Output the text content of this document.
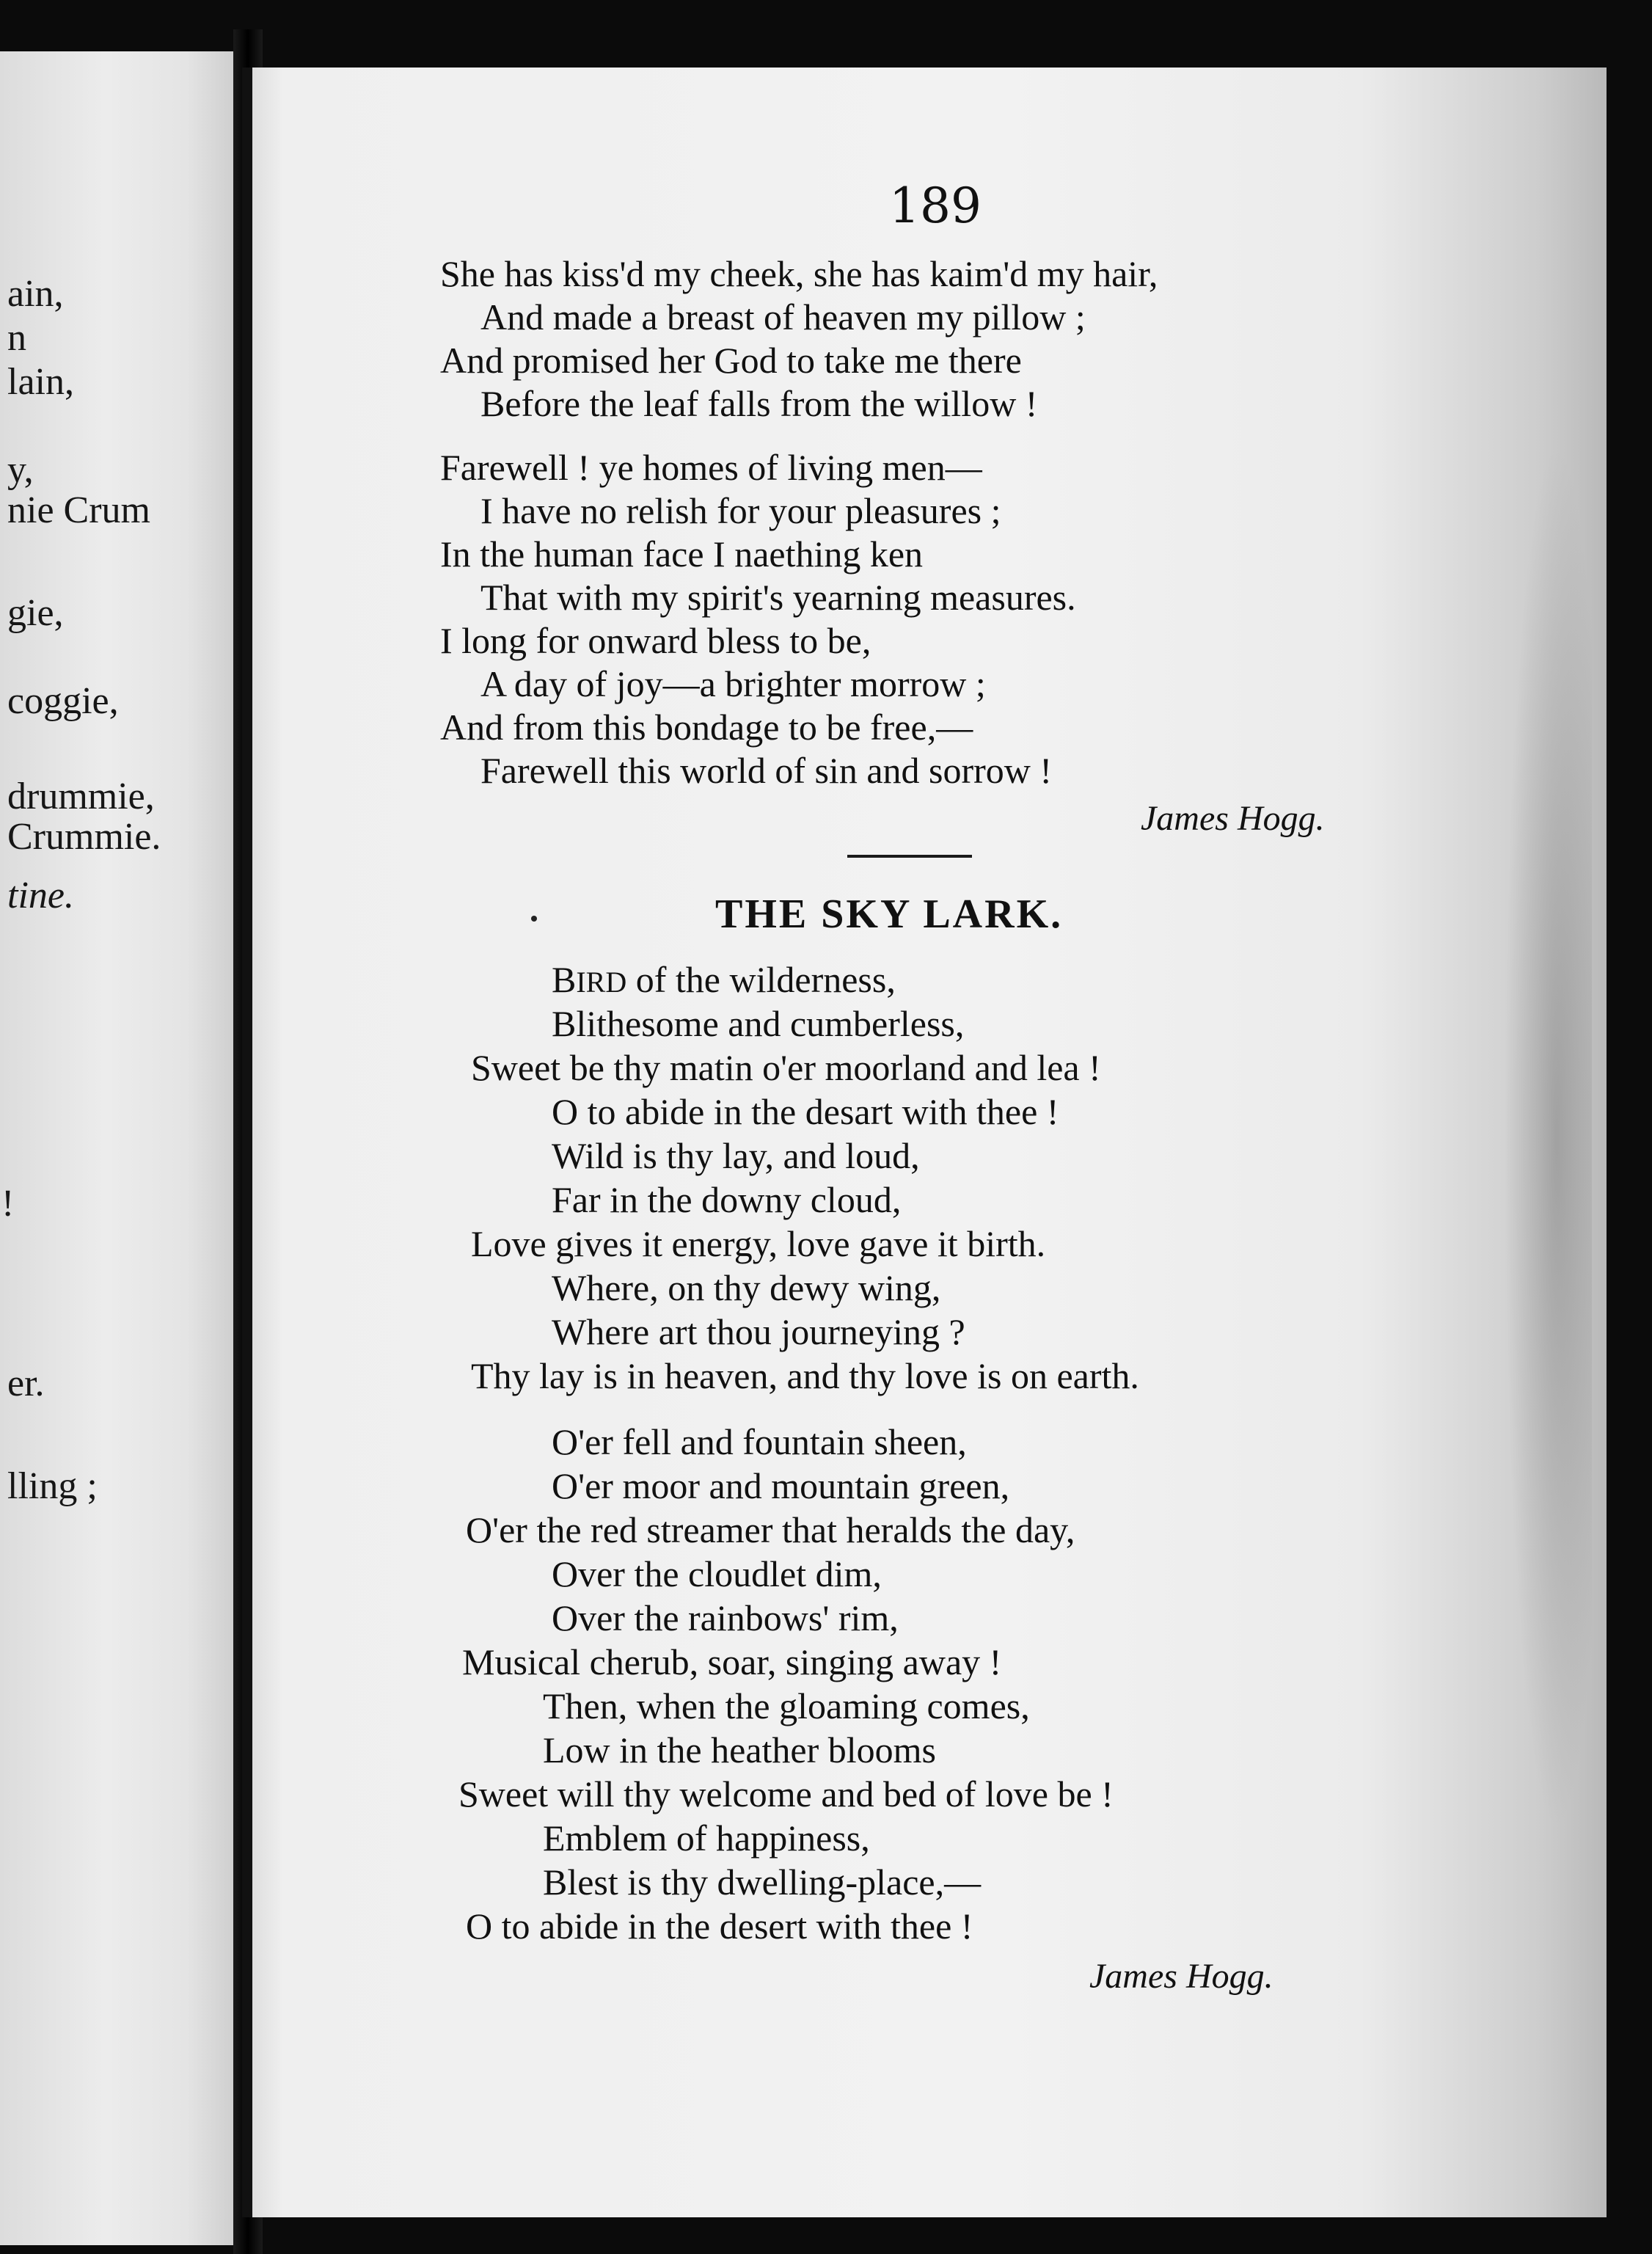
ain,
n
lain,
y,
nie Crum
gie,
coggie,
drummie,
Crummie.
tine.
!
er.
lling ;
189
She has kiss'd my cheek, she has kaim'd my hair,
And made a breast of heaven my pillow ;
And promised her God to take me there
Before the leaf falls from the willow !
Farewell ! ye homes of living men—
I have no relish for your pleasures ;
In the human face I naething ken
That with my spirit's yearning measures.
I long for onward bless to be,
A day of joy—a brighter morrow ;
And from this bondage to be free,—
Farewell this world of sin and sorrow !
James Hogg.
THE SKY LARK.
BIRD of the wilderness,
Blithesome and cumberless,
Sweet be thy matin o'er moorland and lea !
O to abide in the desart with thee !
Wild is thy lay, and loud,
Far in the downy cloud,
Love gives it energy, love gave it birth.
Where, on thy dewy wing,
Where art thou journeying ?
Thy lay is in heaven, and thy love is on earth.
O'er fell and fountain sheen,
O'er moor and mountain green,
O'er the red streamer that heralds the day,
Over the cloudlet dim,
Over the rainbows' rim,
Musical cherub, soar, singing away !
Then, when the gloaming comes,
Low in the heather blooms
Sweet will thy welcome and bed of love be !
Emblem of happiness,
Blest is thy dwelling-place,—
O to abide in the desert with thee !
James Hogg.
